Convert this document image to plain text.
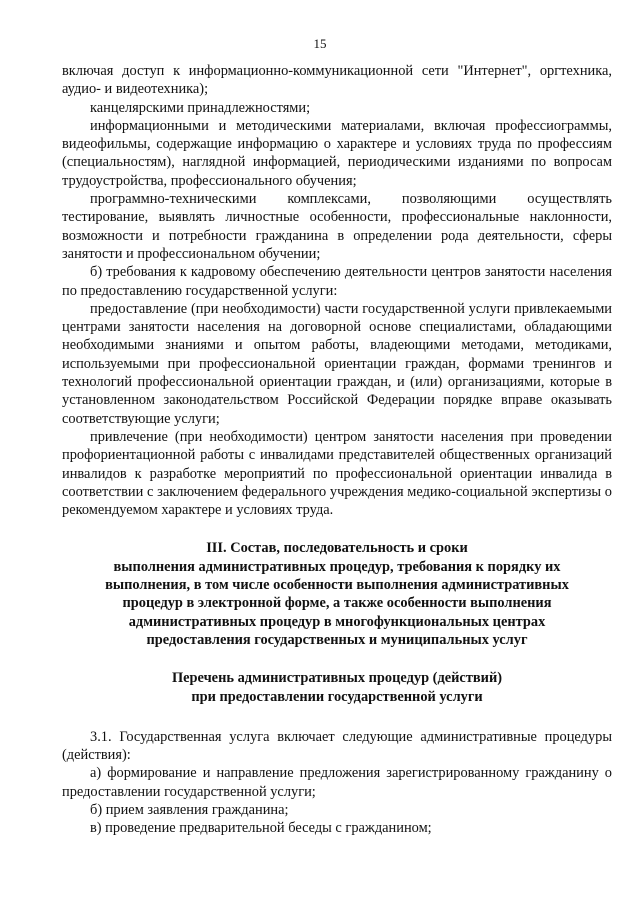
15

включая доступ к информационно-коммуникационной сети "Интернет", оргтехника, аудио- и видеотехника);

канцелярскими принадлежностями;

информационными и методическими материалами, включая профессиограммы, видеофильмы, содержащие информацию о характере и условиях труда по профессиям (специальностям), наглядной информацией, периодическими изданиями по вопросам трудоустройства, профессионального обучения;

программно-техническими комплексами, позволяющими осуществлять тестирование, выявлять личностные особенности, профессиональные наклонности, возможности и потребности гражданина в определении рода деятельности, сферы занятости и профессиональном обучении;

б) требования к кадровому обеспечению деятельности центров занятости населения по предоставлению государственной услуги:

предоставление (при необходимости) части государственной услуги привлекаемыми центрами занятости населения на договорной основе специалистами, обладающими необходимыми знаниями и опытом работы, владеющими методами, методиками, используемыми при профессиональной ориентации граждан, формами тренингов и технологий профессиональной ориентации граждан, и (или) организациями, которые в установленном законодательством Российской Федерации порядке вправе оказывать соответствующие услуги;

привлечение (при необходимости) центром занятости населения при проведении профориентационной работы с инвалидами представителей общественных организаций инвалидов к разработке мероприятий по профессиональной ориентации инвалида в соответствии с заключением федерального учреждения медико-социальной экспертизы о рекомендуемом характере и условиях труда.

III. Состав, последовательность и сроки
выполнения административных процедур, требования к порядку их
выполнения, в том числе особенности выполнения административных
процедур в электронной форме, а также особенности выполнения
административных процедур в многофункциональных центрах
предоставления государственных и муниципальных услуг
Перечень административных процедур (действий)
при предоставлении государственной услуги

3.1. Государственная услуга включает следующие административные процедуры (действия):

а) формирование и направление предложения зарегистрированному гражданину о предоставлении государственной услуги;

б) прием заявления гражданина;

в) проведение предварительной беседы с гражданином;
